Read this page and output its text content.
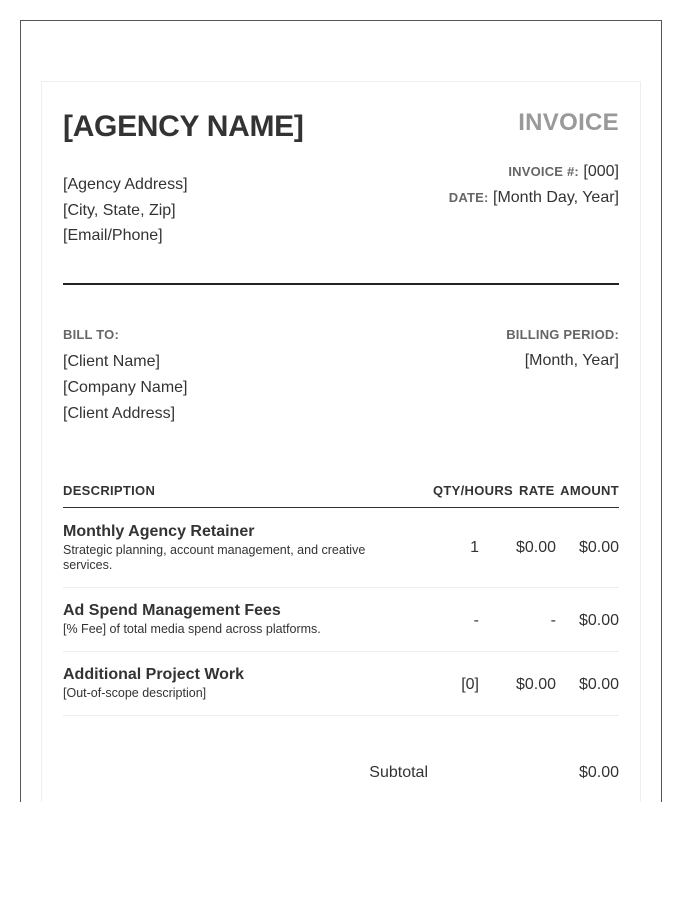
[AGENCY NAME]
[Agency Address]
[City, State, Zip]
[Email/Phone]
INVOICE
INVOICE #: [000]
DATE: [Month Day, Year]
BILL TO:
[Client Name]
[Company Name]
[Client Address]
BILLING PERIOD:
[Month, Year]
DESCRIPTION	QTY/HOURS RATE AMOUNT
Monthly Agency Retainer
Strategic planning, account management, and creative services.
1 $0.00 $0.00
Ad Spend Management Fees
[% Fee] of total media spend across platforms.	-	- $0.00
Additional Project Work
[Out-of-scope description]	[0] $0.00 $0.00
Subtotal	$0.00
